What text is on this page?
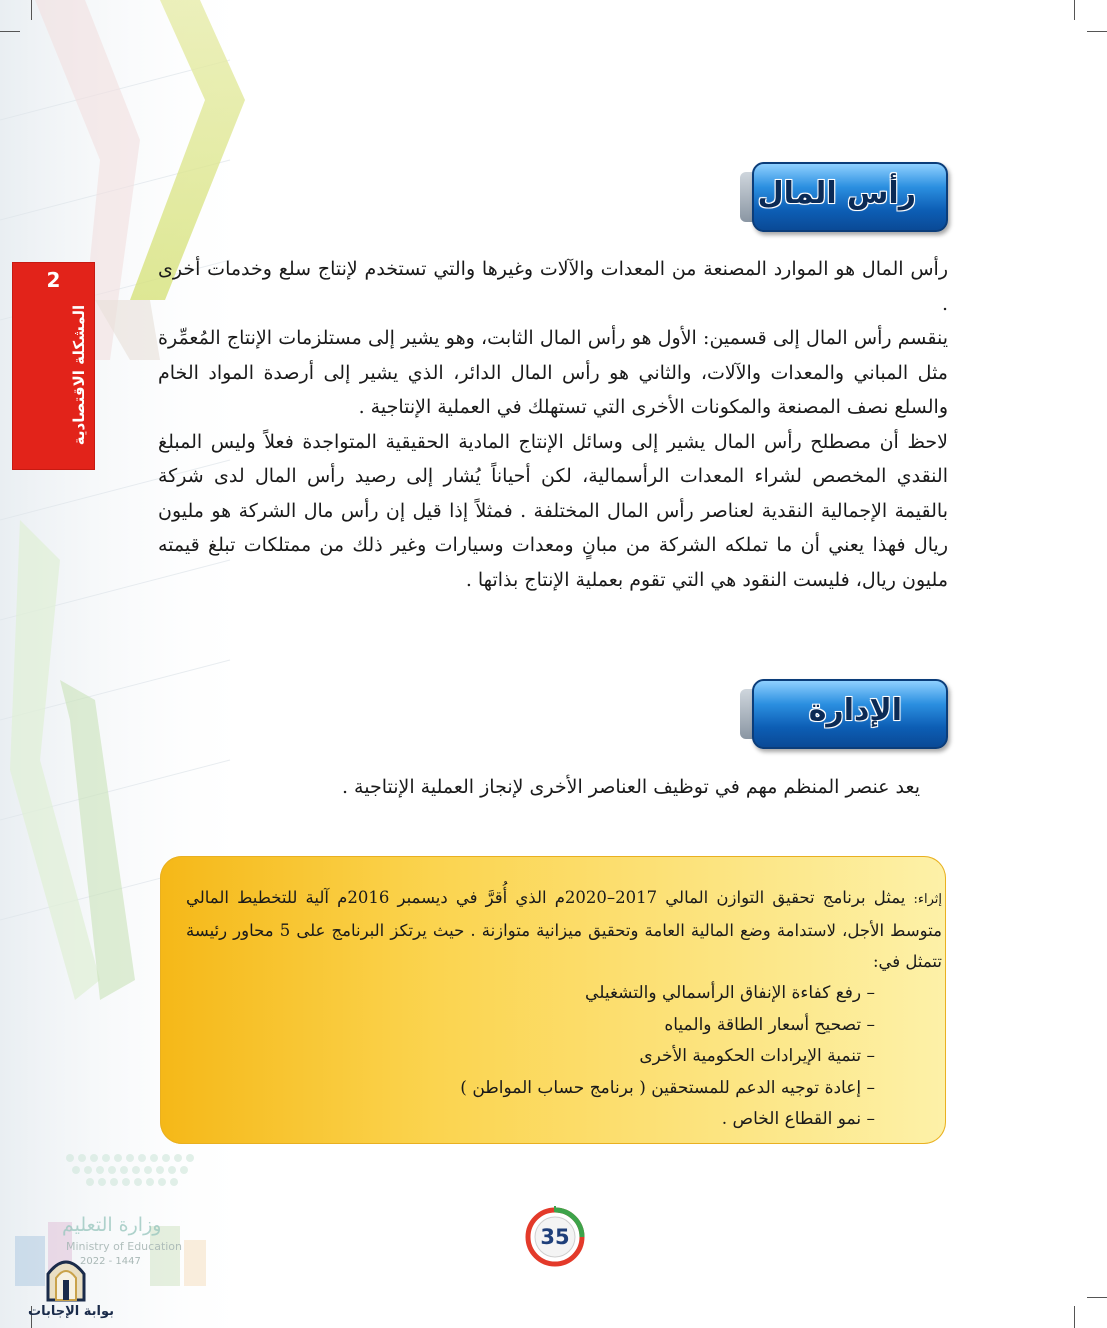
2
المشكلة الاقتصادية
رأس المال

رأس المال هو الموارد المصنعة من المعدات والآلات وغيرها والتي تستخدم لإنتاج سلع وخدمات أخرى .

ينقسم رأس المال إلى قسمين: الأول هو رأس المال الثابت، وهو يشير إلى مستلزمات الإنتاج المُعمِّرة مثل المباني والمعدات والآلات، والثاني هو رأس المال الدائر، الذي يشير إلى أرصدة المواد الخام والسلع نصف المصنعة والمكونات الأخرى التي تستهلك في العملية الإنتاجية .

لاحظ أن مصطلح رأس المال يشير إلى وسائل الإنتاج المادية الحقيقية المتواجدة فعلاً وليس المبلغ النقدي المخصص لشراء المعدات الرأسمالية، لكن أحياناً يُشار إلى رصيد رأس المال لدى شركة بالقيمة الإجمالية النقدية لعناصر رأس المال المختلفة . فمثلاً إذا قيل إن رأس مال الشركة هو مليون ريال فهذا يعني أن ما تملكه الشركة من مبانٍ ومعدات وسيارات وغير ذلك من ممتلكات تبلغ قيمته مليون ريال، فليست النقود هي التي تقوم بعملية الإنتاج بذاتها .

الإدارة

يعد عنصر المنظم مهم في توظيف العناصر الأخرى لإنجاز العملية الإنتاجية .

إثراء: يمثل برنامج تحقيق التوازن المالي 2017–2020م الذي أُقرَّ في ديسمبر 2016م آلية للتخطيط المالي متوسط الأجل، لاستدامة وضع المالية العامة وتحقيق ميزانية متوازنة . حيث يرتكز البرنامج على 5 محاور رئيسة تتمثل في:
– رفع كفاءة الإنفاق الرأسمالي والتشغيلي
– تصحيح أسعار الطاقة والمياه
– تنمية الإيرادات الحكومية الأخرى
– إعادة توجيه الدعم للمستحقين ( برنامج حساب المواطن )
– نمو القطاع الخاص .
35
وزارة التعليم
Ministry of Education
2022 - 1447
بوابة الإجابات
